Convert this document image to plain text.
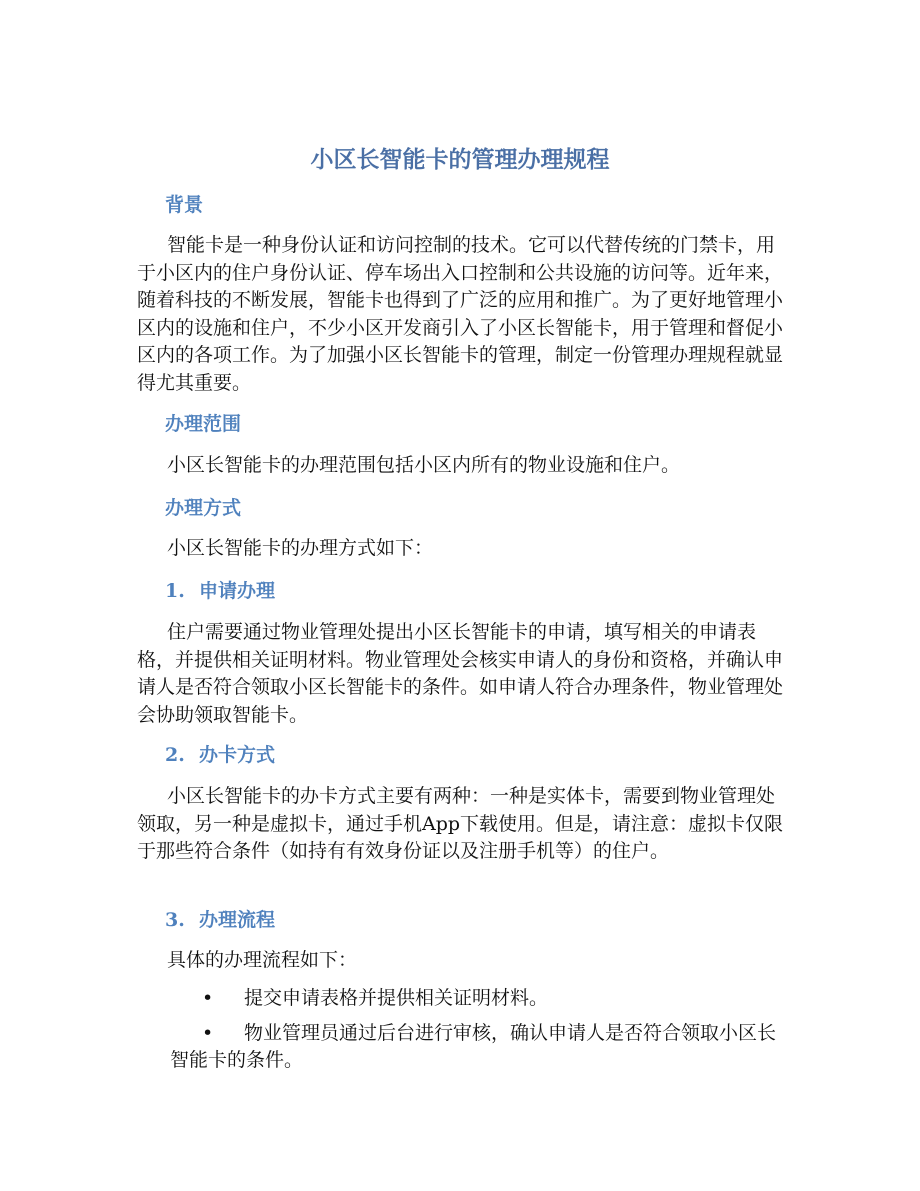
小区长智能卡的管理办理规程
背景

智能卡是一种身份认证和访问控制的技术。它可以代替传统的门禁卡，用于小区内的住户身份认证、停车场出入口控制和公共设施的访问等。近年来，随着科技的不断发展，智能卡也得到了广泛的应用和推广。为了更好地管理小区内的设施和住户，不少小区开发商引入了小区长智能卡，用于管理和督促小区内的各项工作。为了加强小区长智能卡的管理，制定一份管理办理规程就显得尤其重要。

办理范围

小区长智能卡的办理范围包括小区内所有的物业设施和住户。

办理方式

小区长智能卡的办理方式如下：

1. 申请办理

住户需要通过物业管理处提出小区长智能卡的申请，填写相关的申请表格，并提供相关证明材料。物业管理处会核实申请人的身份和资格，并确认申请人是否符合领取小区长智能卡的条件。如申请人符合办理条件，物业管理处会协助领取智能卡。

2. 办卡方式

小区长智能卡的办卡方式主要有两种：一种是实体卡，需要到物业管理处领取，另一种是虚拟卡，通过手机App下载使用。但是，请注意：虚拟卡仅限于那些符合条件（如持有有效身份证以及注册手机等）的住户。

3. 办理流程

具体的办理流程如下：

• 提交申请表格并提供相关证明材料。
• 物业管理员通过后台进行审核，确认申请人是否符合领取小区长智能卡的条件。
